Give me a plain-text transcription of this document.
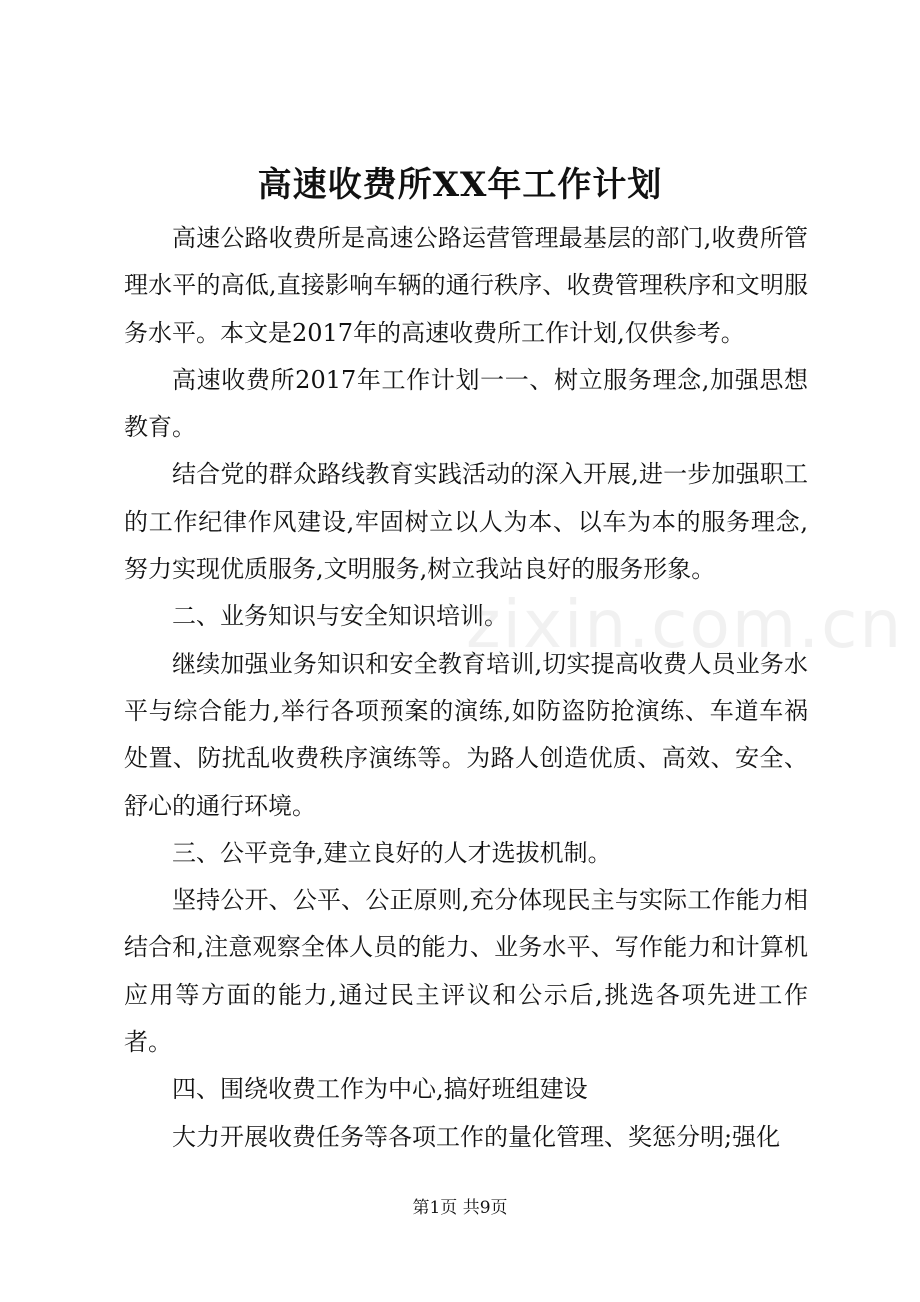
高速收费所XX年工作计划

高速公路收费所是高速公路运营管理最基层的部门,收费所管理水平的高低,直接影响车辆的通行秩序、收费管理秩序和文明服务水平。本文是2017年的高速收费所工作计划,仅供参考。

高速收费所2017年工作计划一一、树立服务理念,加强思想教育。

结合党的群众路线教育实践活动的深入开展,进一步加强职工的工作纪律作风建设,牢固树立以人为本、以车为本的服务理念,努力实现优质服务,文明服务,树立我站良好的服务形象。

二、业务知识与安全知识培训。

继续加强业务知识和安全教育培训,切实提高收费人员业务水平与综合能力,举行各项预案的演练,如防盗防抢演练、车道车祸处置、防扰乱收费秩序演练等。为路人创造优质、高效、安全、舒心的通行环境。

三、公平竞争,建立良好的人才选拔机制。

坚持公开、公平、公正原则,充分体现民主与实际工作能力相结合和,注意观察全体人员的能力、业务水平、写作能力和计算机应用等方面的能力,通过民主评议和公示后,挑选各项先进工作者。

四、围绕收费工作为中心,搞好班组建设

大力开展收费任务等各项工作的量化管理、奖惩分明;强化

zixin.com.cn
第1页 共9页
